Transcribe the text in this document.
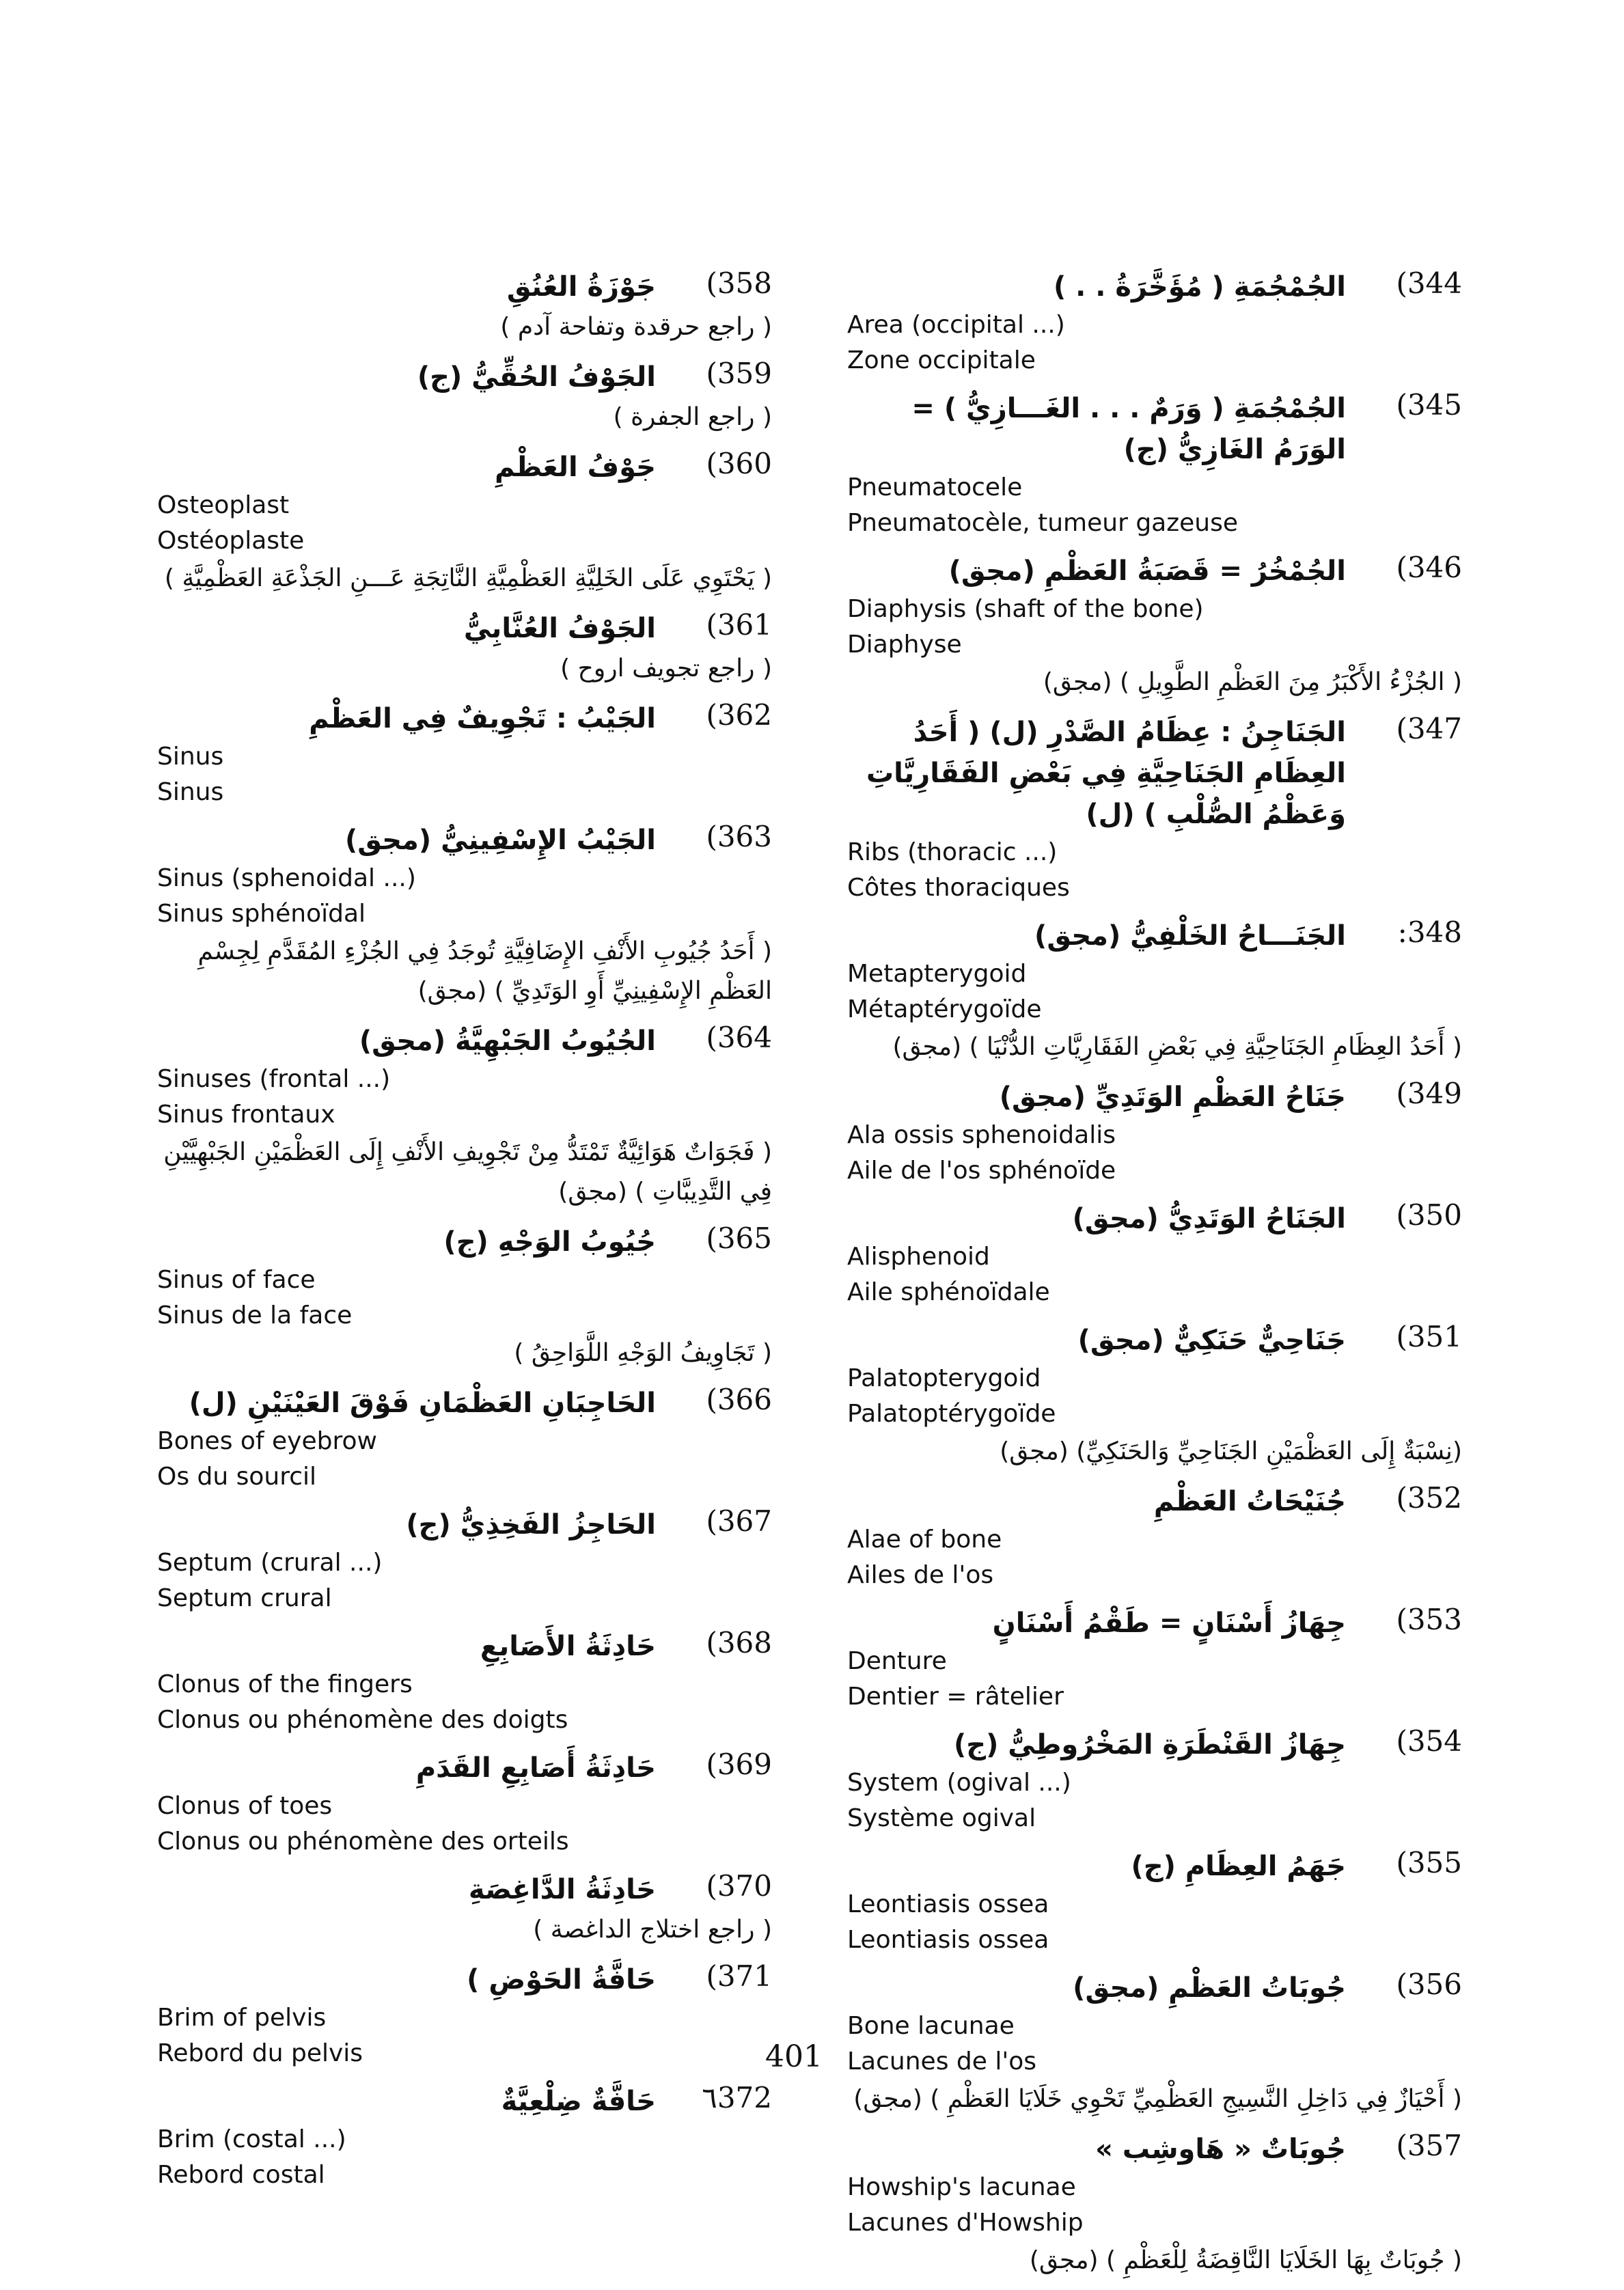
(344
الجُمْجُمَةِ ( مُؤَخَّرَةُ . . )
Area (occipital ...)
Zone occipitale
(345
الجُمْجُمَةِ ( وَرَمٌ . . . الغَـــازِيُّ ) = الوَرَمُ الغَازِيُّ (ج)
Pneumatocele
Pneumatocèle, tumeur gazeuse
(346
الجُمْخُرُ = قَصَبَةُ العَظْمِ (مجق)
Diaphysis (shaft of the bone)
Diaphyse
( الجُزْءُ الأَكْبَرُ مِنَ العَظْمِ الطَّوِيلِ ) (مجق)
(347
الجَنَاجِنُ : عِظَامُ الصَّدْرِ (ل) ( أَحَدُ العِظَامِ الجَنَاحِيَّةِ فِي بَعْضِ الفَقَارِيَّاتِ وَعَظْمُ الصُّلْبِ ) (ل)
Ribs (thoracic ...)
Côtes thoraciques
:348
الجَنَـــاحُ الخَلْفِيُّ (مجق)
Metapterygoid
Métaptérygoïde
( أَحَدُ العِظَامِ الجَنَاحِيَّةِ فِي بَعْضِ الفَقَارِيَّاتِ الدُّنْيَا ) (مجق)
(349
جَنَاحُ العَظْمِ الوَتَدِيِّ (مجق)
Ala ossis sphenoidalis
Aile de l'os sphénoïde
(350
الجَنَاحُ الوَتَدِيُّ (مجق)
Alisphenoid
Aile sphénoïdale
(351
جَنَاحِيٌّ حَنَكِيٌّ (مجق)
Palatopterygoid
Palatoptérygoïde
(نِسْبَةٌ إِلَى العَظْمَيْنِ الجَنَاحِيِّ وَالحَنَكِيِّ) (مجق)
(352
جُنَيْحَاتُ العَظْمِ
Alae of bone
Ailes de l'os
(353
جِهَازُ أَسْنَانٍ = طَقْمُ أَسْنَانٍ
Denture
Dentier = râtelier
(354
جِهَازُ القَنْطَرَةِ المَخْرُوطِيُّ (ج)
System (ogival ...)
Système ogival
(355
جَهَمُ العِظَامِ (ج)
Leontiasis ossea
Leontiasis ossea
(356
جُوبَاتُ العَظْمِ (مجق)
Bone lacunae
Lacunes de l'os
( أَحْيَازٌ فِي دَاخِلِ النَّسِيجِ العَظْمِيِّ تَحْوِي خَلَايَا العَظْمِ ) (مجق)
(357
جُوبَاتٌ « هَاوشِب »
Howship's lacunae
Lacunes d'Howship
( جُوبَاتٌ بِهَا الخَلَايَا النَّاقِضَةُ لِلْعَظْمِ ) (مجق)
(358
جَوْزَةُ العُنُقِ
( راجع حرقدة وتفاحة آدم )
(359
الجَوْفُ الحُقِّيُّ (ج)
( راجع الجفرة )
(360
جَوْفُ العَظْمِ
Osteoplast
Ostéoplaste
( يَحْتَوِي عَلَى الخَلِيَّةِ العَظْمِيَّةِ النَّاتِجَةِ عَـــنِ الجَذْعَةِ العَظْمِيَّةِ )
(361
الجَوْفُ العُنَّابِيُّ
( راجع تجويف اروح )
(362
الجَيْبُ : تَجْوِيفٌ فِي العَظْمِ
Sinus
Sinus
(363
الجَيْبُ الإِسْفِينِيُّ (مجق)
Sinus (sphenoidal ...)
Sinus sphénoïdal
( أَحَدُ جُيُوبِ الأَنْفِ الإِضَافِيَّةِ تُوجَدُ فِي الجُزْءِ المُقَدَّمِ لِجِسْمِ العَظْمِ الإِسْفِينِيِّ أَوِ الوَتَدِيِّ ) (مجق)
(364
الجُيُوبُ الجَبْهِيَّةُ (مجق)
Sinuses (frontal ...)
Sinus frontaux
( فَجَوَاتٌ هَوَائِيَّةٌ تَمْتَدُّ مِنْ تَجْوِيفِ الأَنْفِ إِلَى العَظْمَيْنِ الجَبْهِيَّيْنِ فِي التَّدِيبَّاتِ ) (مجق)
(365
جُيُوبُ الوَجْهِ (ج)
Sinus of face
Sinus de la face
( تَجَاوِيفُ الوَجْهِ اللَّوَاحِقُ )
(366
الحَاجِبَانِ العَظْمَانِ فَوْقَ العَيْنَيْنِ (ل)
Bones of eyebrow
Os du sourcil
(367
الحَاجِزُ الفَخِذِيُّ (ج)
Septum (crural ...)
Septum crural
(368
حَادِثَةُ الأَصَابِعِ
Clonus of the fingers
Clonus ou phénomène des doigts
(369
حَادِثَةُ أَصَابِعِ القَدَمِ
Clonus of toes
Clonus ou phénomène des orteils
(370
حَادِثَةُ الدَّاغِصَةِ
( راجع اختلاج الداغصة )
(371
حَافَّةُ الحَوْضِ )
Brim of pelvis
Rebord du pelvis
٦372
حَافَّةٌ ضِلْعِيَّةٌ
Brim (costal ...)
Rebord costal
401
